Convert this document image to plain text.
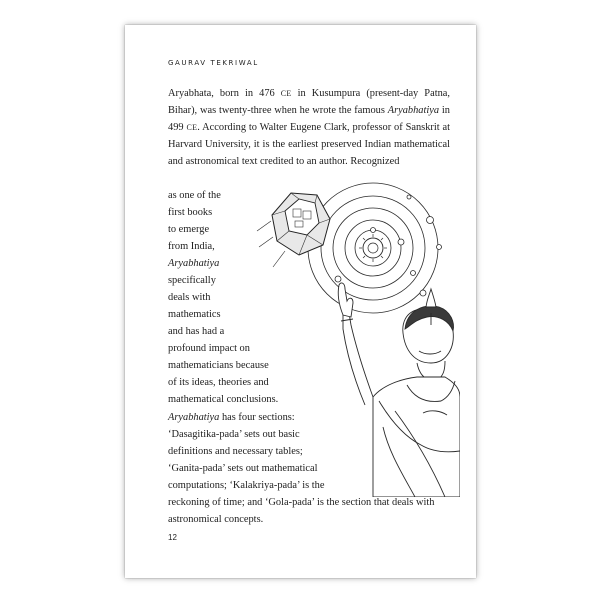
GAURAV TEKRIWAL
Aryabhata, born in 476 CE in Kusumpura (present-day Patna, Bihar), was twenty-three when he wrote the famous Aryabhatiya in 499 CE. According to Walter Eugene Clark, professor of Sanskrit at Harvard University, it is the earliest preserved Indian mathematical and astronomical text credited to an author. Recognized
as one of the
first books
to emerge
from India,
Aryabhatiya
specifically
deals with
mathematics
and has had a
profound impact on
mathematicians because
of its ideas, theories and
mathematical conclusions.
Aryabhatiya has four sections:
‘Dasagitika-pada’ sets out basic
definitions and necessary tables;
‘Ganita-pada’ sets out mathematical
computations; ‘Kalakriya-pada’ is the
reckoning of time; and ‘Gola-pada’ is the section that deals with
astronomical concepts.
12
